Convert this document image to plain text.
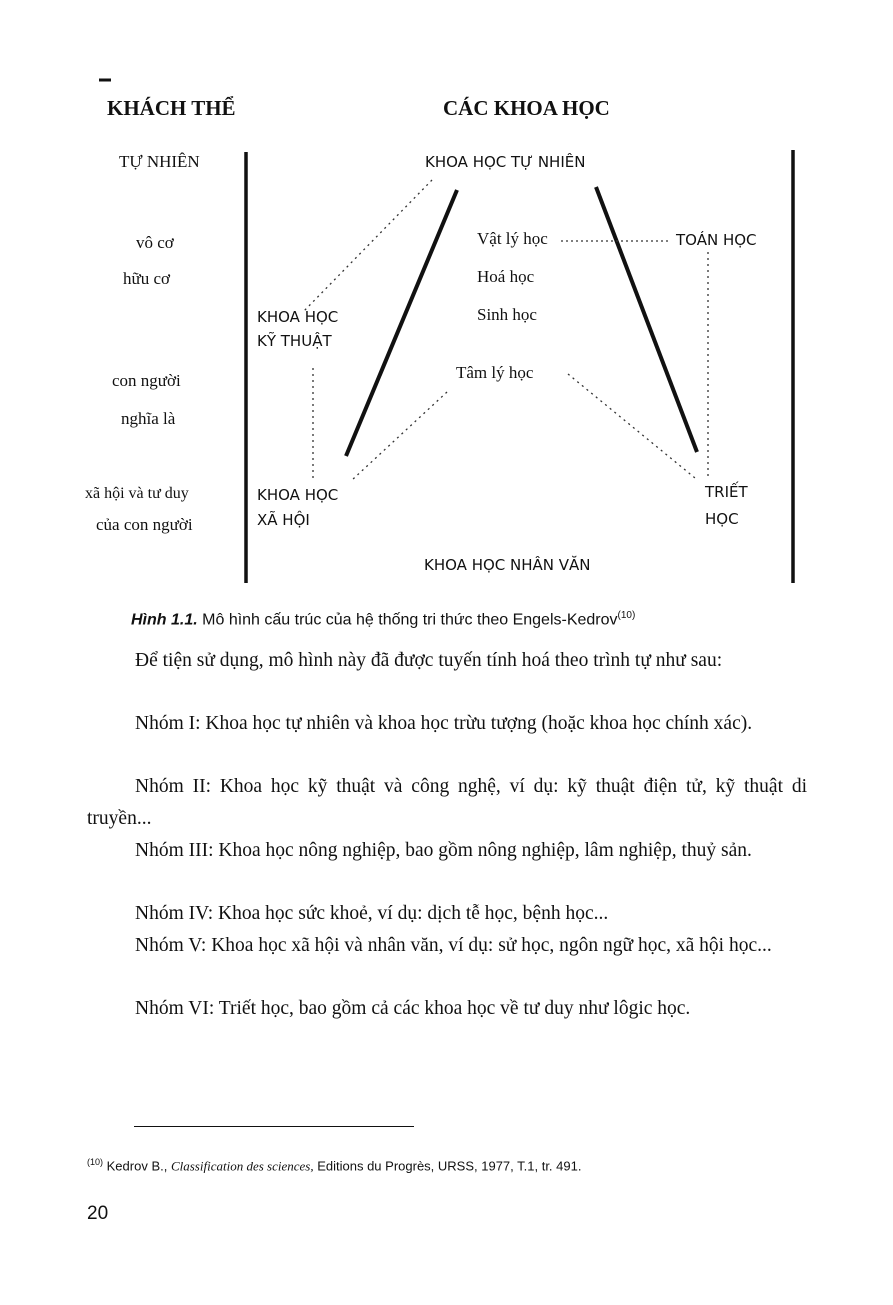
KHÁCH THỂ	CÁC KHOA HỌC
TỰ NHIÊN
vô cơ
hữu cơ
con người
nghĩa là
xã hội và tư duy
của con người
KHOA HỌC TỰ NHIÊN
Vật lý học
Hoá học
Sinh học
Tâm lý học
TOÁN HỌC
TRIẾT
HỌC
KHOA HỌC
KỸ THUẬT
KHOA HỌC
XÃ HỘI
KHOA HỌC NHÂN VĂN
Hình 1.1. Mô hình cấu trúc của hệ thống tri thức theo Engels-Kedrov$^{(10)}$
Để tiện sử dụng, mô hình này đã được tuyến tính hoá theo trình tự như sau:
Nhóm I: Khoa học tự nhiên và khoa học trừu tượng (hoặc khoa học chính xác).
Nhóm II: Khoa học kỹ thuật và công nghệ, ví dụ: kỹ thuật điện tử, kỹ thuật di truyền...
Nhóm III: Khoa học nông nghiệp, bao gồm nông nghiệp, lâm nghiệp, thuỷ sản.
Nhóm IV: Khoa học sức khoẻ, ví dụ: dịch tễ học, bệnh học...
Nhóm V: Khoa học xã hội và nhân văn, ví dụ: sử học, ngôn ngữ học, xã hội học...
Nhóm VI: Triết học, bao gồm cả các khoa học về tư duy như lôgic học.
$^{(10)}$ Kedrov B., Classification des sciences, Editions du Progrès, URSS, 1977, T.1, tr. 491.
20
